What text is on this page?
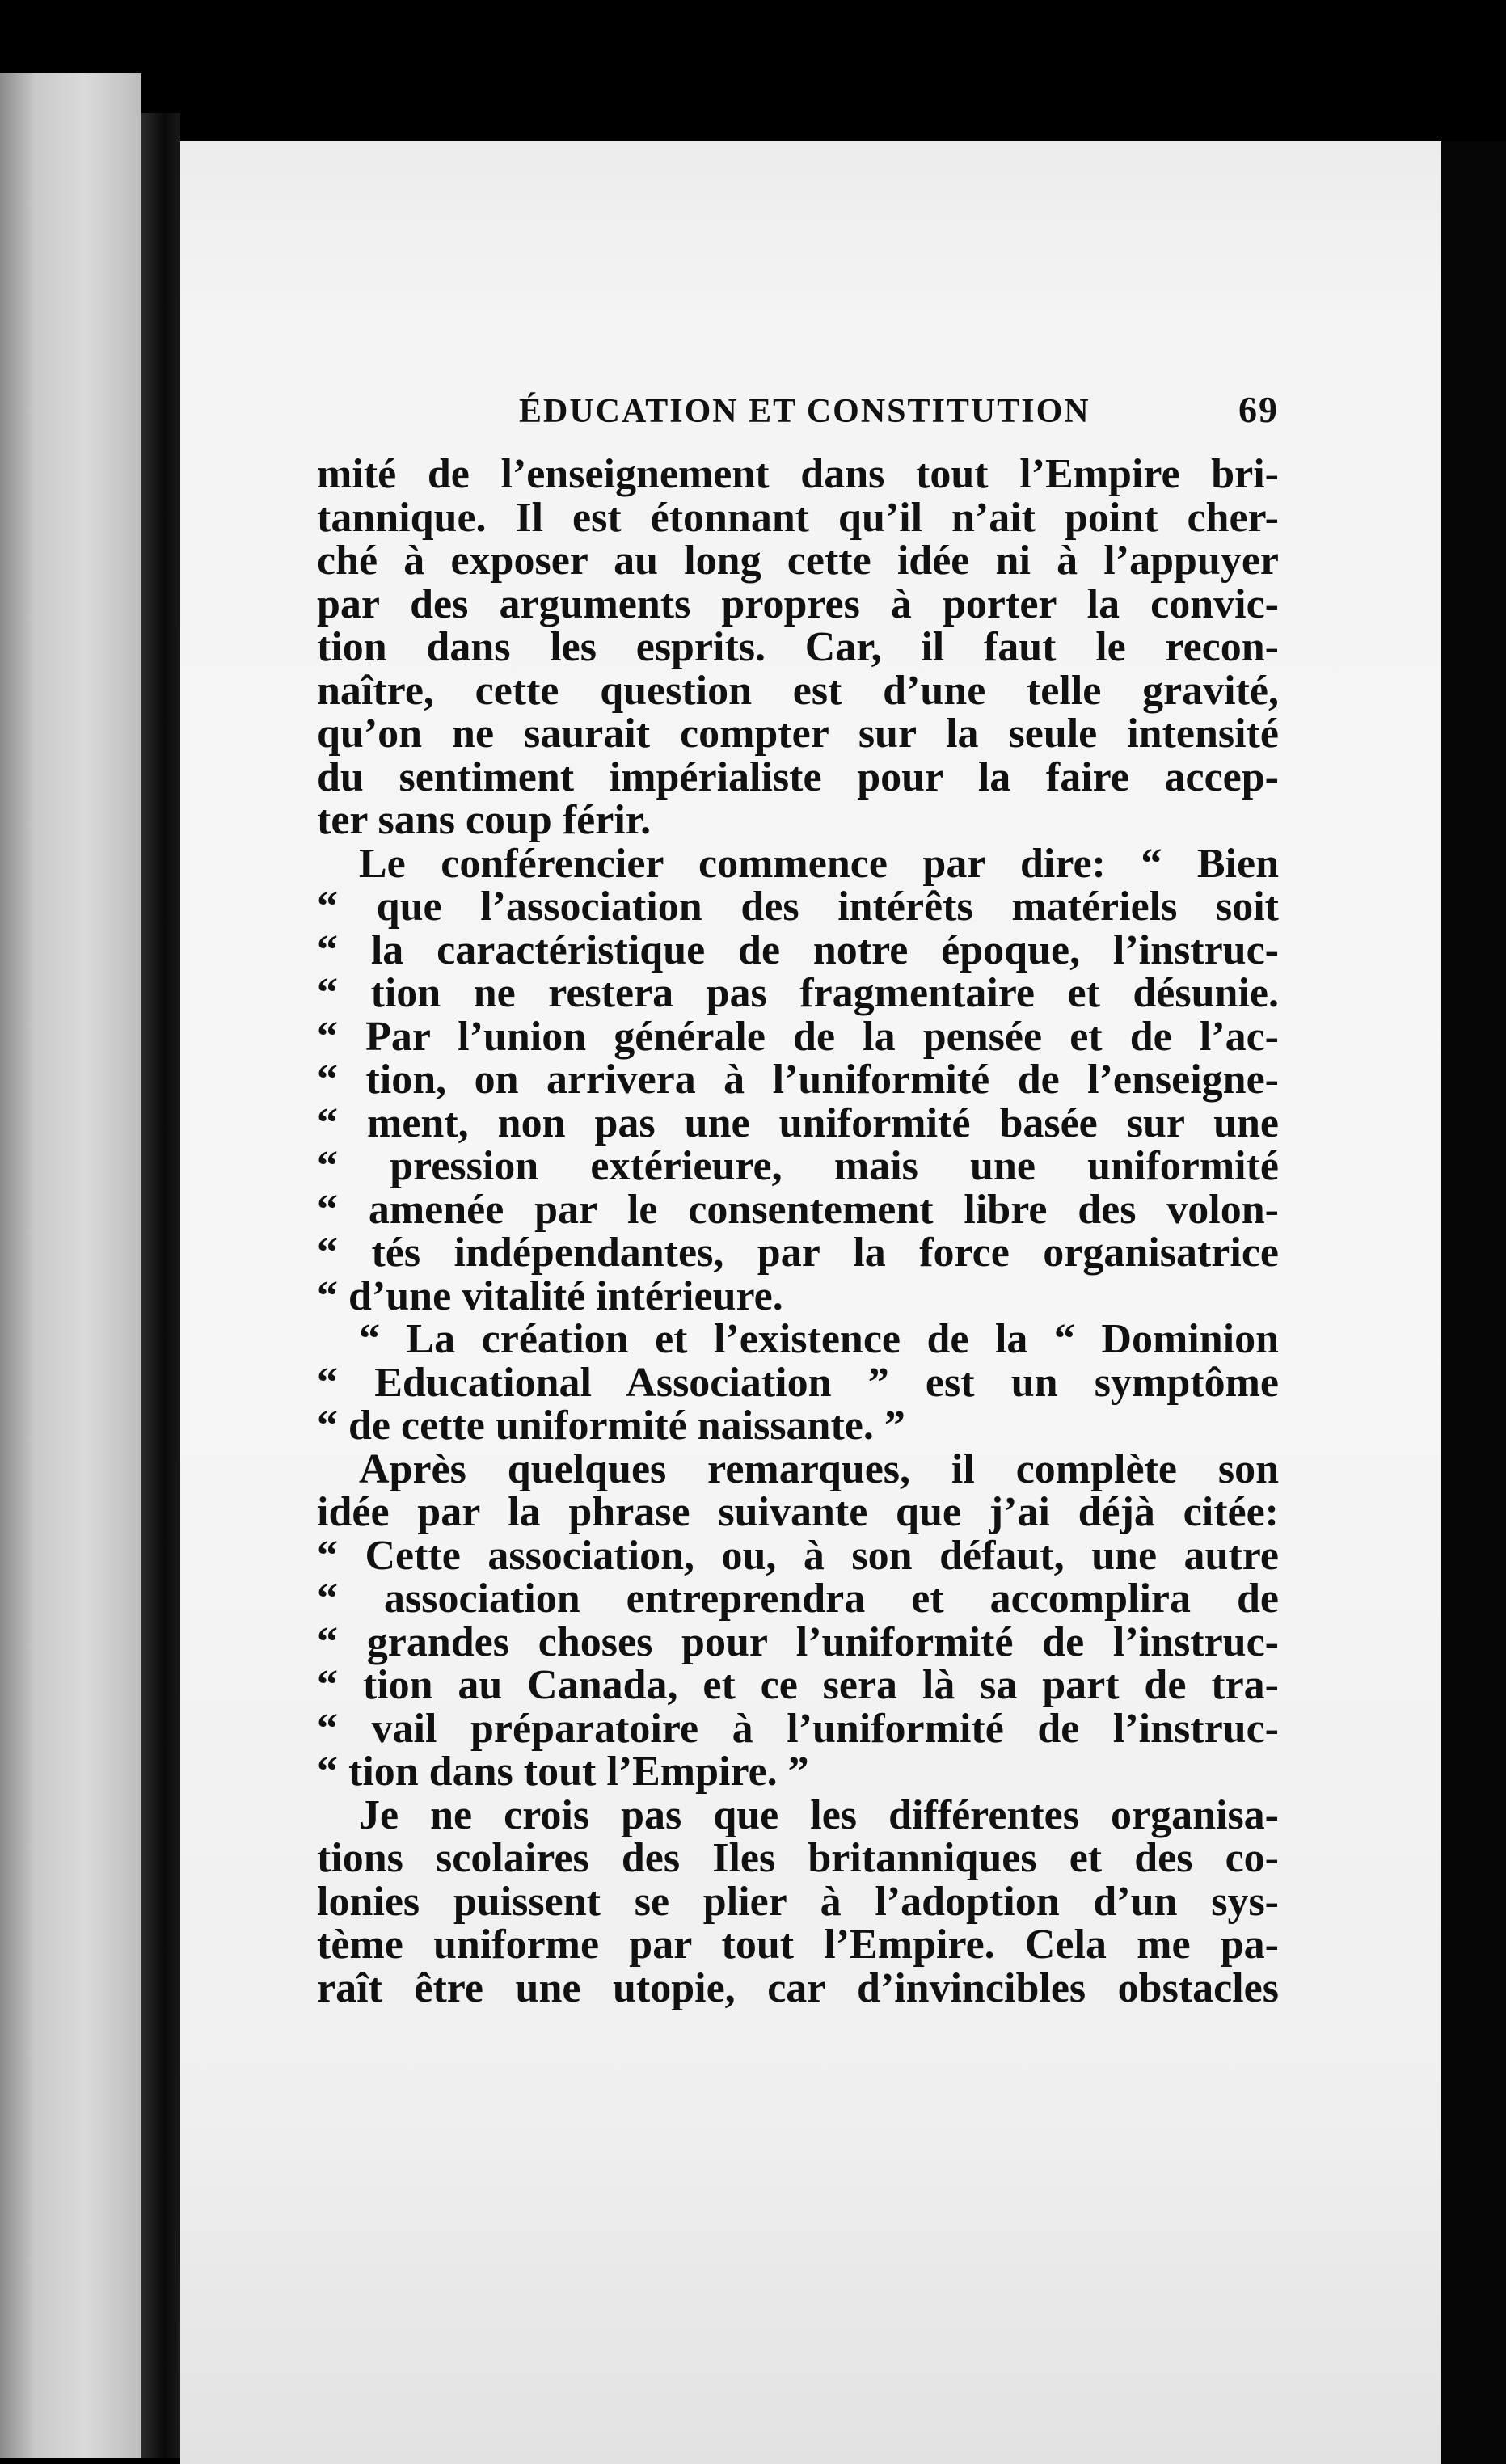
ÉDUCATION ET CONSTITUTION	69

mité de l’enseignement dans tout l’Empire bri-
tannique. Il est étonnant qu’il n’ait point cher-
ché à exposer au long cette idée ni à l’appuyer
par des arguments propres à porter la convic-
tion dans les esprits. Car, il faut le recon-
naître, cette question est d’une telle gravité,
qu’on ne saurait compter sur la seule intensité
du sentiment impérialiste pour la faire accep-
ter sans coup férir.

Le conférencier commence par dire: “ Bien
“ que l’association des intérêts matériels soit
“ la caractéristique de notre époque, l’instruc-
“ tion ne restera pas fragmentaire et désunie.
“ Par l’union générale de la pensée et de l’ac-
“ tion, on arrivera à l’uniformité de l’enseigne-
“ ment, non pas une uniformité basée sur une
“ pression extérieure, mais une uniformité
“ amenée par le consentement libre des volon-
“ tés indépendantes, par la force organisatrice
“ d’une vitalité intérieure.

“ La création et l’existence de la “ Dominion
“ Educational Association ” est un symptôme
“ de cette uniformité naissante. ”

Après quelques remarques, il complète son
idée par la phrase suivante que j’ai déjà citée:
“ Cette association, ou, à son défaut, une autre
“ association entreprendra et accomplira de
“ grandes choses pour l’uniformité de l’instruc-
“ tion au Canada, et ce sera là sa part de tra-
“ vail préparatoire à l’uniformité de l’instruc-
“ tion dans tout l’Empire. ”

Je ne crois pas que les différentes organisa-
tions scolaires des Iles britanniques et des co-
lonies puissent se plier à l’adoption d’un sys-
tème uniforme par tout l’Empire. Cela me pa-
raît être une utopie, car d’invincibles obstacles
